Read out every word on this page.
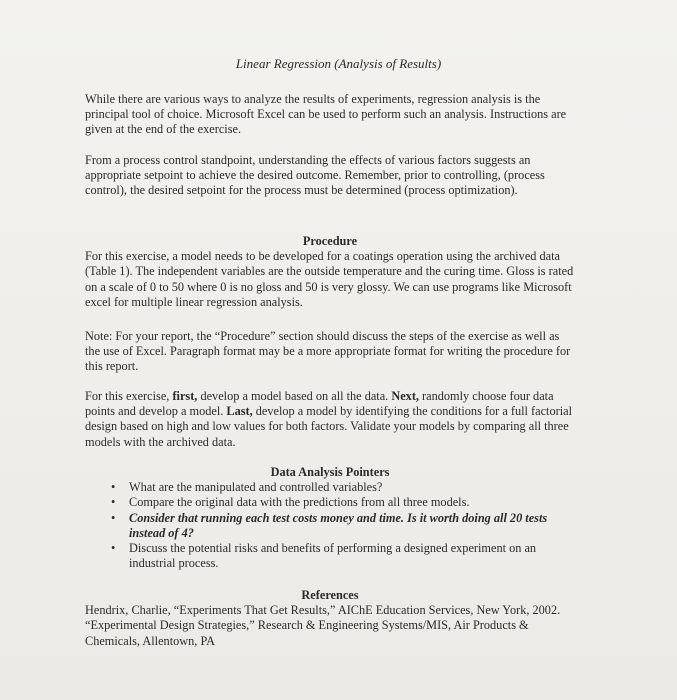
Linear Regression (Analysis of Results)

While there are various ways to analyze the results of experiments, regression analysis is the principal tool of choice. Microsoft Excel can be used to perform such an analysis. Instructions are given at the end of the exercise.

From a process control standpoint, understanding the effects of various factors suggests an appropriate setpoint to achieve the desired outcome. Remember, prior to controlling, (process control), the desired setpoint for the process must be determined (process optimization).

Procedure

For this exercise, a model needs to be developed for a coatings operation using the archived data (Table 1). The independent variables are the outside temperature and the curing time. Gloss is rated on a scale of 0 to 50 where 0 is no gloss and 50 is very glossy. We can use programs like Microsoft excel for multiple linear regression analysis.

Note: For your report, the “Procedure” section should discuss the steps of the exercise as well as the use of Excel. Paragraph format may be a more appropriate format for writing the procedure for this report.

For this exercise, first, develop a model based on all the data. Next, randomly choose four data points and develop a model. Last, develop a model by identifying the conditions for a full factorial design based on high and low values for both factors. Validate your models by comparing all three models with the archived data.

Data Analysis Pointers
• What are the manipulated and controlled variables?
• Compare the original data with the predictions from all three models.
• Consider that running each test costs money and time. Is it worth doing all 20 tests instead of 4?
• Discuss the potential risks and benefits of performing a designed experiment on an industrial process.
References

Hendrix, Charlie, “Experiments That Get Results,” AIChE Education Services, New York, 2002.

“Experimental Design Strategies,” Research & Engineering Systems/MIS, Air Products & Chemicals, Allentown, PA
